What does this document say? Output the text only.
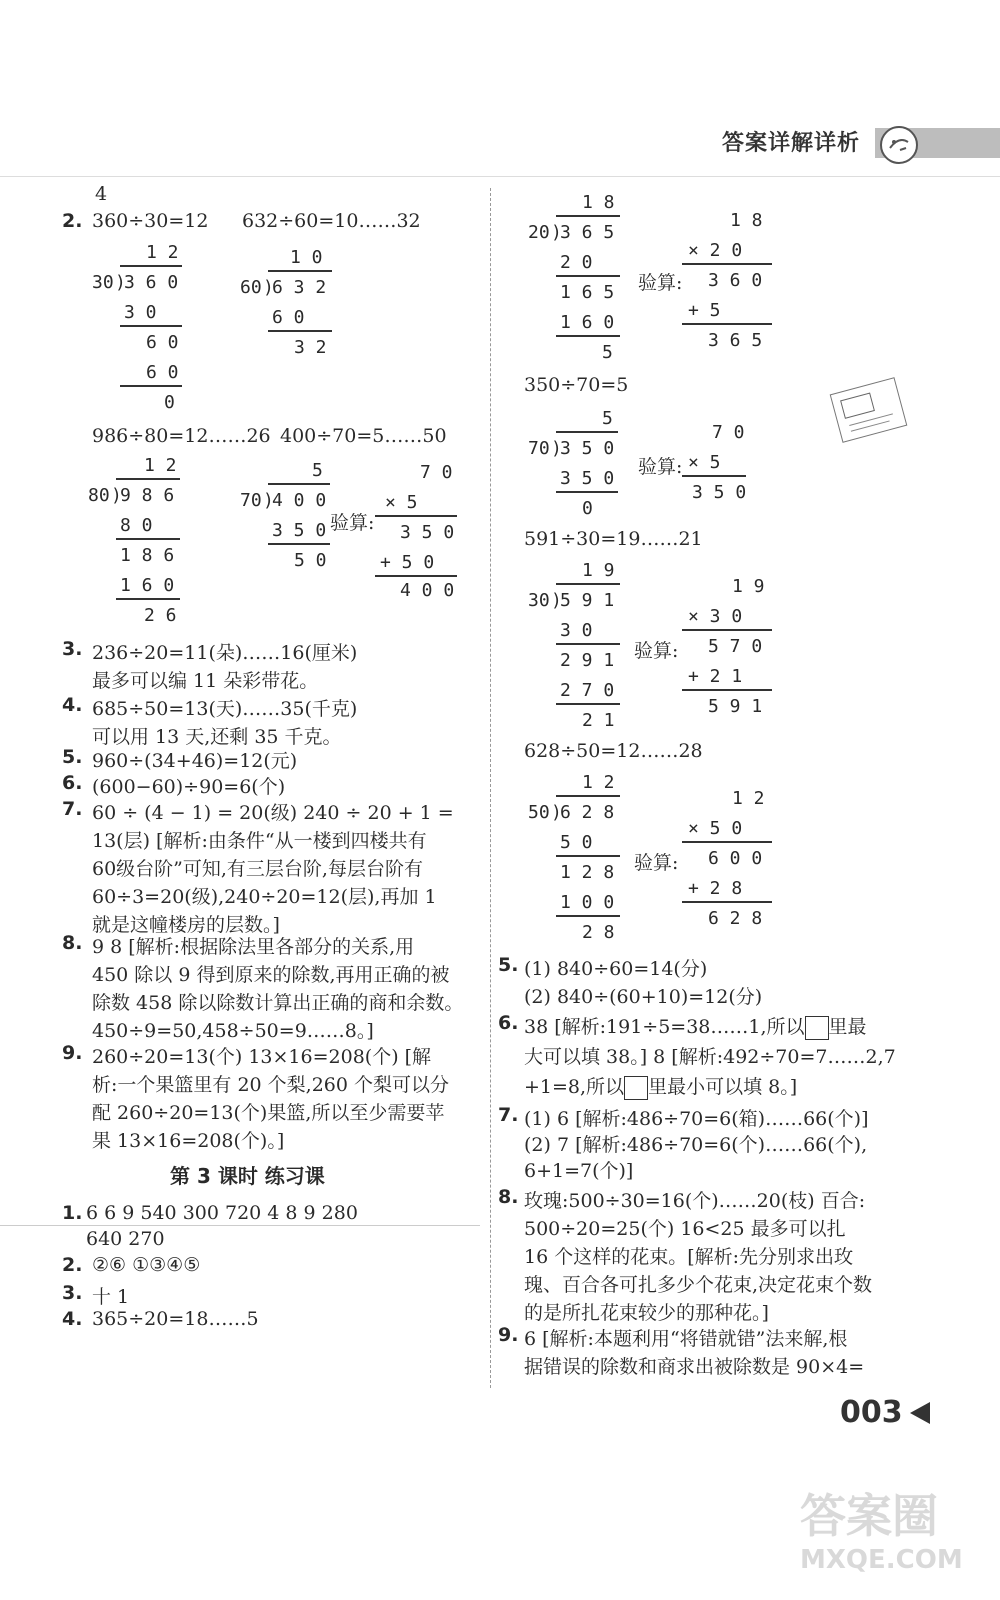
答案详解详析
4
2. 360÷30=12 632÷60=10……32
1 2
30 )
3 6 0
3 0
6 0
6 0
0
1 0
60 )
6 3 2
6 0
3 2
986÷80=12……26 400÷70=5……50
1 2
80 )
9 8 6
8 0
1 8 6
1 6 0
2 6
5
70 )
4 0 0
3 5 0
5 0
验算:
7 0
× 5
3 5 0
+ 5 0
4 0 0
3. 236÷20=11(朵)……16(厘米)
最多可以编 11 朵彩带花。
4. 685÷50=13(天)……35(千克)
可以用 13 天,还剩 35 千克。
5. 960÷(34+46)=12(元)
6. (600−60)÷90=6(个)
7. 60 ÷ (4 − 1) = 20(级) 240 ÷ 20 + 1 =
13(层) [解析:由条件“从一楼到四楼共有
60级台阶”可知,有三层台阶,每层台阶有
60÷3=20(级),240÷20=12(层),再加 1
就是这幢楼房的层数。]
8. 9 8 [解析:根据除法里各部分的关系,用
450 除以 9 得到原来的除数,再用正确的被
除数 458 除以除数计算出正确的商和余数。
450÷9=50,458÷50=9……8。]
9. 260÷20=13(个) 13×16=208(个) [解
析:一个果篮里有 20 个梨,260 个梨可以分
配 260÷20=13(个)果篮,所以至少需要苹
果 13×16=208(个)。]
第 3 课时 练习课
1. 6 6 9 540 300 720 4 8 9 280
640 270
2. ②⑥ ①③④⑤
3. 十 1
4. 365÷20=18……5
1 8
20 )
3 6 5
2 0
1 6 5
1 6 0
5
验算:
1 8
× 2 0
3 6 0
+ 5
3 6 5
350÷70=5
5
70 )
3 5 0
3 5 0
0
验算:
7 0
× 5
3 5 0
591÷30=19……21
1 9
30 )
5 9 1
3 0
2 9 1
2 7 0
2 1
验算:
1 9
× 3 0
5 7 0
+ 2 1
5 9 1
628÷50=12……28
1 2
50 )
6 2 8
5 0
1 2 8
1 0 0
2 8
验算:
1 2
× 5 0
6 0 0
+ 2 8
6 2 8
5. (1) 840÷60=14(分)
(2) 840÷(60+10)=12(分)
6. 38 [解析:191÷5=38……1,所以 里最
大可以填 38。] 8 [解析:492÷70=7……2,7
+1=8,所以 里最小可以填 8。]
7. (1) 6 [解析:486÷70=6(箱)……66(个)]
(2) 7 [解析:486÷70=6(个)……66(个),
6+1=7(个)]
8. 玫瑰:500÷30=16(个)……20(枝) 百合:
500÷20=25(个) 16<25 最多可以扎
16 个这样的花束。[解析:先分别求出玫
瑰、百合各可扎多少个花束,决定花束个数
的是所扎花束较少的那种花。]
9. 6 [解析:本题利用“将错就错”法来解,根
据错误的除数和商求出被除数是 90×4=
003
答案圈
MXQE.COM
